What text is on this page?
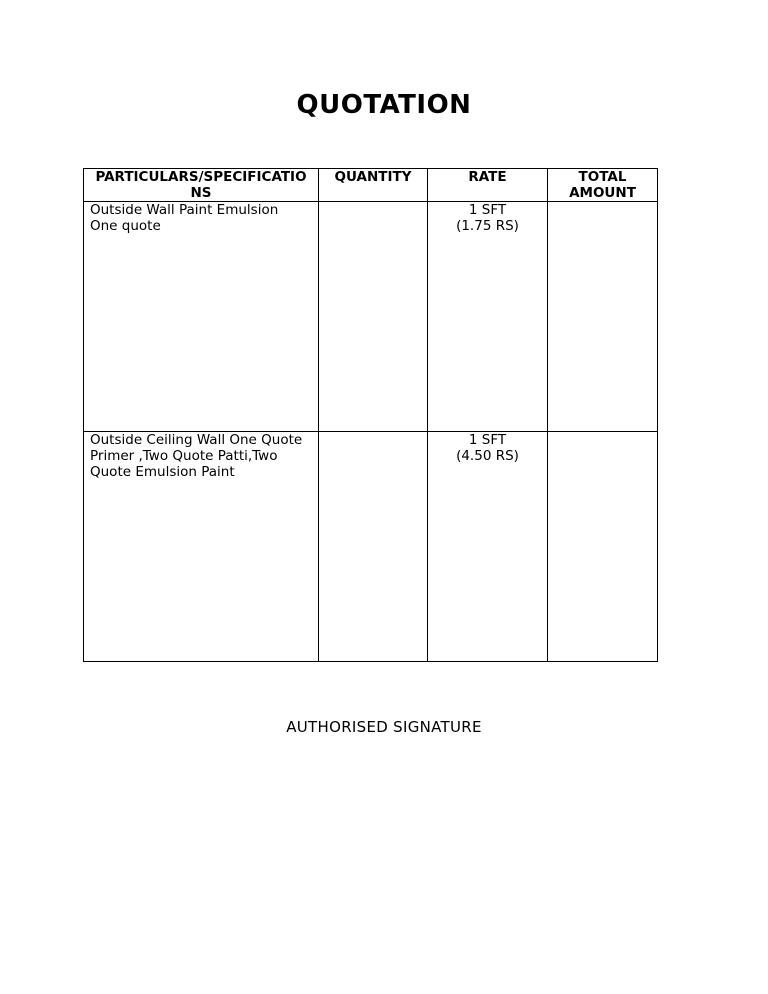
QUOTATION
PARTICULARS/SPECIFICATIONS	QUANTITY	RATE	TOTAL
AMOUNT

Outside Wall Paint Emulsion
One quote		1 SFT
(1.75 RS)	

Outside Ceiling Wall One Quote
Primer ,Two Quote Patti,Two
Quote Emulsion Paint		1 SFT
(4.50 RS)	

AUTHORISED SIGNATURE
